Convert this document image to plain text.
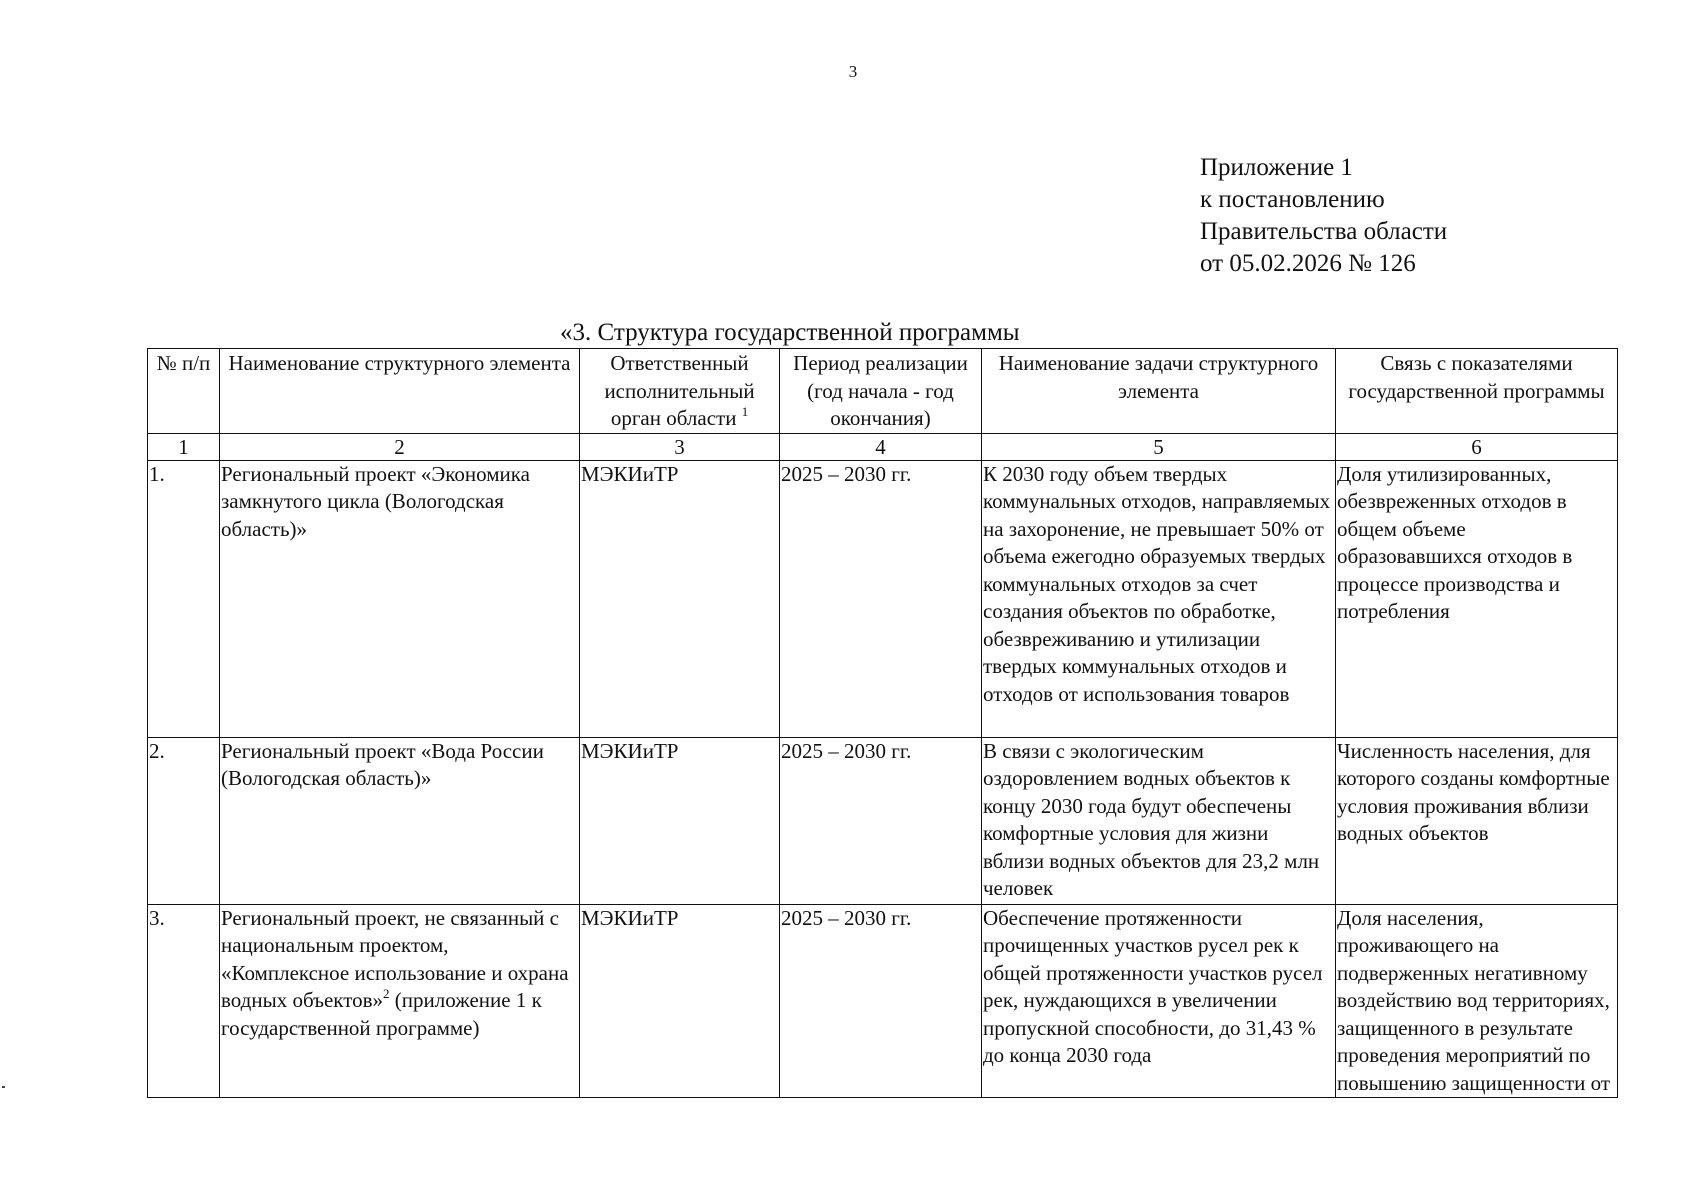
3
Приложение 1
к постановлению
Правительства области
от 05.02.2026 № 126
«3. Структура государственной программы
№ п/п	Наименование структурного элемента	Ответственный исполнительный орган области $^1$	Период реализации (год начала - год окончания)	Наименование задачи структурного элемента	Связь с показателями государственной программы
1	2	3	4	5	6
1.	Региональный проект «Экономика замкнутого цикла (Вологодская область)»	МЭКИиТР	2025 – 2030 гг.	К 2030 году объем твердых коммунальных отходов, направляемых на захоронение, не превышает 50% от объема ежегодно образуемых твердых коммунальных отходов за счет создания объектов по обработке, обезвреживанию и утилизации твердых коммунальных отходов и отходов от использования товаров	Доля утилизированных, обезвреженных отходов в общем объеме образовавшихся отходов в процессе производства и потребления
2.	Региональный проект «Вода России (Вологодская область)»	МЭКИиТР	2025 – 2030 гг.	В связи с экологическим оздоровлением водных объектов к концу 2030 года будут обеспечены комфортные условия для жизни вблизи водных объектов для 23,2 млн человек	Численность населения, для которого созданы комфортные условия проживания вблизи водных объектов
3.	Региональный проект, не связанный с национальным проектом, «Комплексное использование и охрана водных объектов»$^2$ (приложение 1 к государственной программе)	МЭКИиТР	2025 – 2030 гг.	Обеспечение протяженности прочищенных участков русел рек к общей протяженности участков русел рек, нуждающихся в увеличении пропускной способности, до 31,43 % до конца 2030 года	Доля населения, проживающего на подверженных негативному воздействию вод территориях, защищенного в результате проведения мероприятий по повышению защищенности от
